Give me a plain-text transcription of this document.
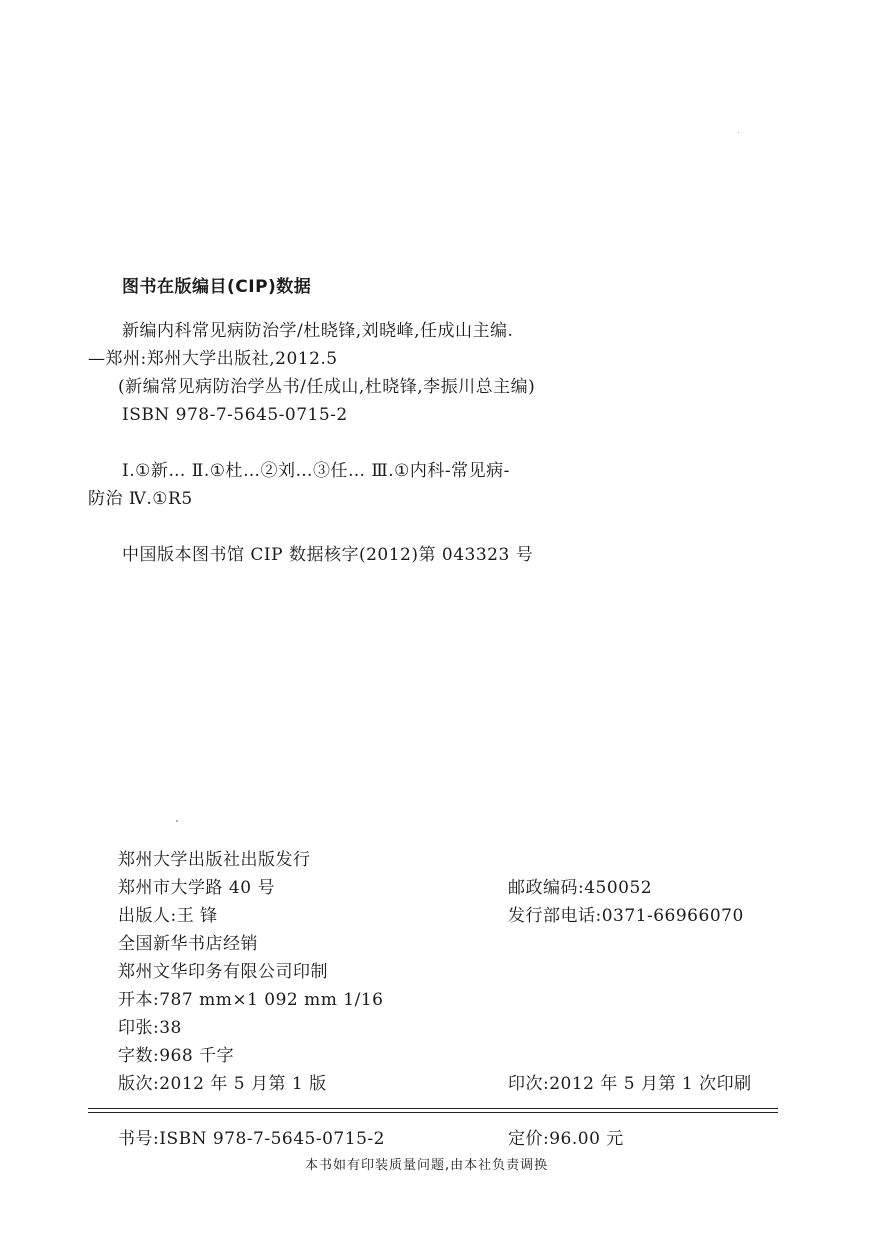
图书在版编目(CIP)数据
新编内科常见病防治学/杜晓锋,刘晓峰,任成山主编.
—郑州:郑州大学出版社,2012.5
(新编常见病防治学丛书/任成山,杜晓锋,李振川总主编)
ISBN 978-7-5645-0715-2
Ⅰ.①新… Ⅱ.①杜…②刘…③任… Ⅲ.①内科-常见病-
防治 Ⅳ.①R5
中国版本图书馆 CIP 数据核字(2012)第 043323 号
郑州大学出版社出版发行
郑州市大学路 40 号	邮政编码:450052
出版人:王 锋	发行部电话:0371-66966070
全国新华书店经销
郑州文华印务有限公司印制
开本:787 mm×1 092 mm 1/16
印张:38
字数:968 千字
版次:2012 年 5 月第 1 版	印次:2012 年 5 月第 1 次印刷
书号:ISBN 978-7-5645-0715-2	定价:96.00 元
本书如有印装质量问题,由本社负责调换
